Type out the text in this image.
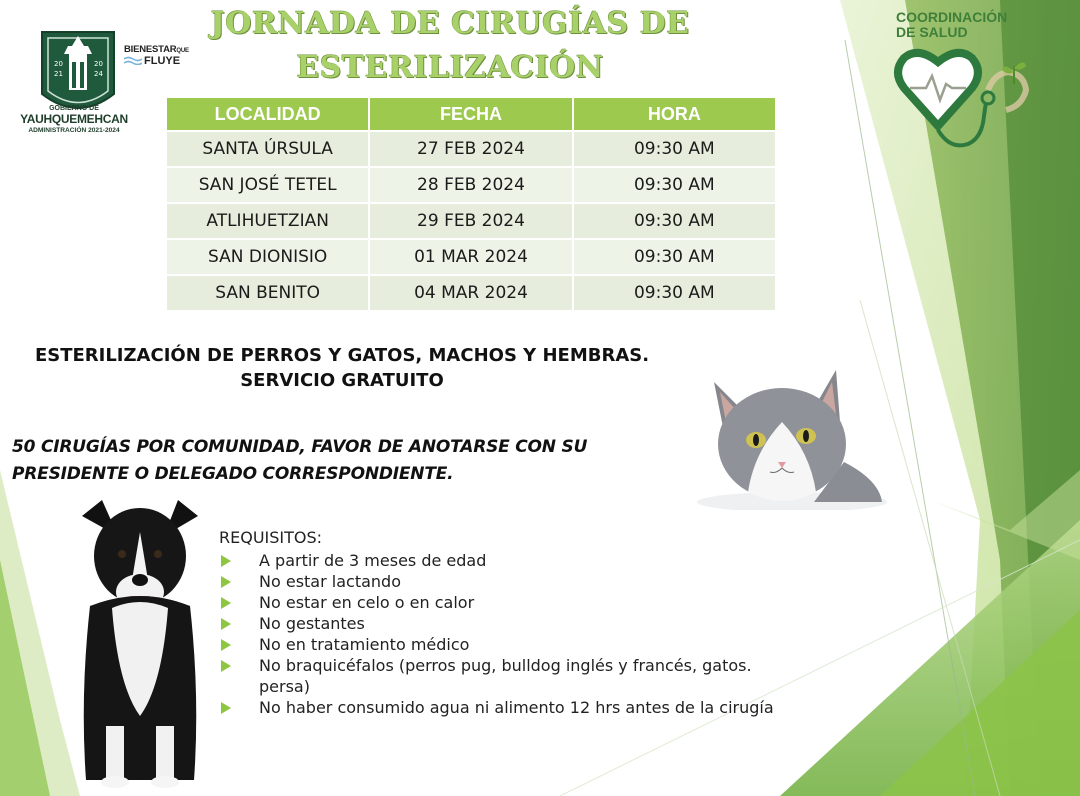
20
21
20
24
GOBIERNO DE
YAUHQUEMEHCAN
ADMINISTRACIÓN 2021-2024
BIENESTARQUE
FLUYE
JORNADA DE CIRUGÍAS DE
ESTERILIZACIÓN
COORDINACIÓN
DE SALUD
LOCALIDAD	FECHA	HORA
SANTA ÚRSULA	27 FEB 2024	09:30 AM
SAN JOSÉ TETEL	28 FEB 2024	09:30 AM
ATLIHUETZIAN	29 FEB 2024	09:30 AM
SAN DIONISIO	01 MAR 2024	09:30 AM
SAN BENITO	04 MAR 2024	09:30 AM
ESTERILIZACIÓN DE PERROS Y GATOS, MACHOS Y HEMBRAS.
SERVICIO GRATUITO
50 CIRUGÍAS POR COMUNIDAD, FAVOR DE ANOTARSE CON SU
PRESIDENTE O DELEGADO CORRESPONDIENTE.
REQUISITOS:
A partir de 3 meses de edad
No estar lactando
No estar en celo o en calor
No gestantes
No en tratamiento médico
No braquicéfalos (perros pug, bulldog inglés y francés, gatos. persa)
No haber consumido agua ni alimento 12 hrs antes de la cirugía
